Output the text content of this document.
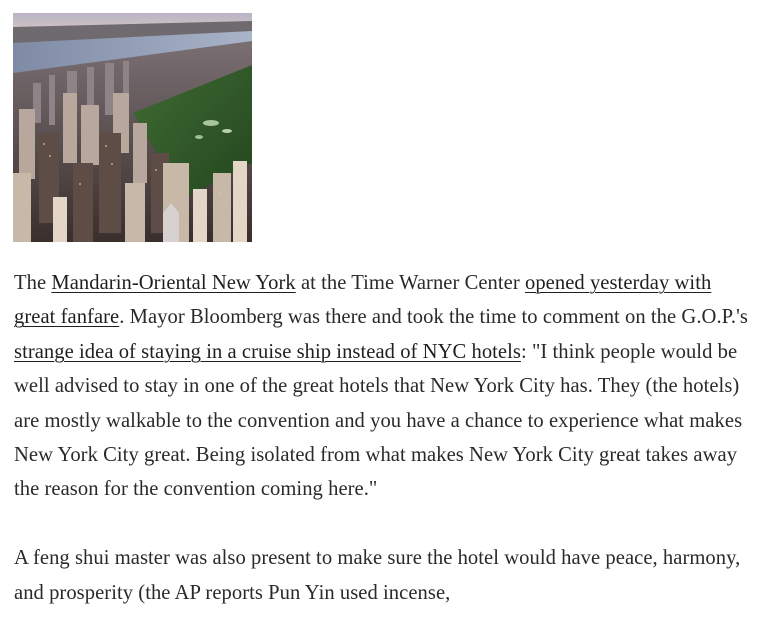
The Mandarin-Oriental New York at the Time Warner Center opened yesterday with great fanfare. Mayor Bloomberg was there and took the time to comment on the G.O.P.'s strange idea of staying in a cruise ship instead of NYC hotels: "I think people would be well advised to stay in one of the great hotels that New York City has. They (the hotels) are mostly walkable to the convention and you have a chance to experience what makes New York City great. Being isolated from what makes New York City great takes away the reason for the convention coming here."

A feng shui master was also present to make sure the hotel would have peace, harmony, and prosperity (the AP reports Pun Yin used incense,
